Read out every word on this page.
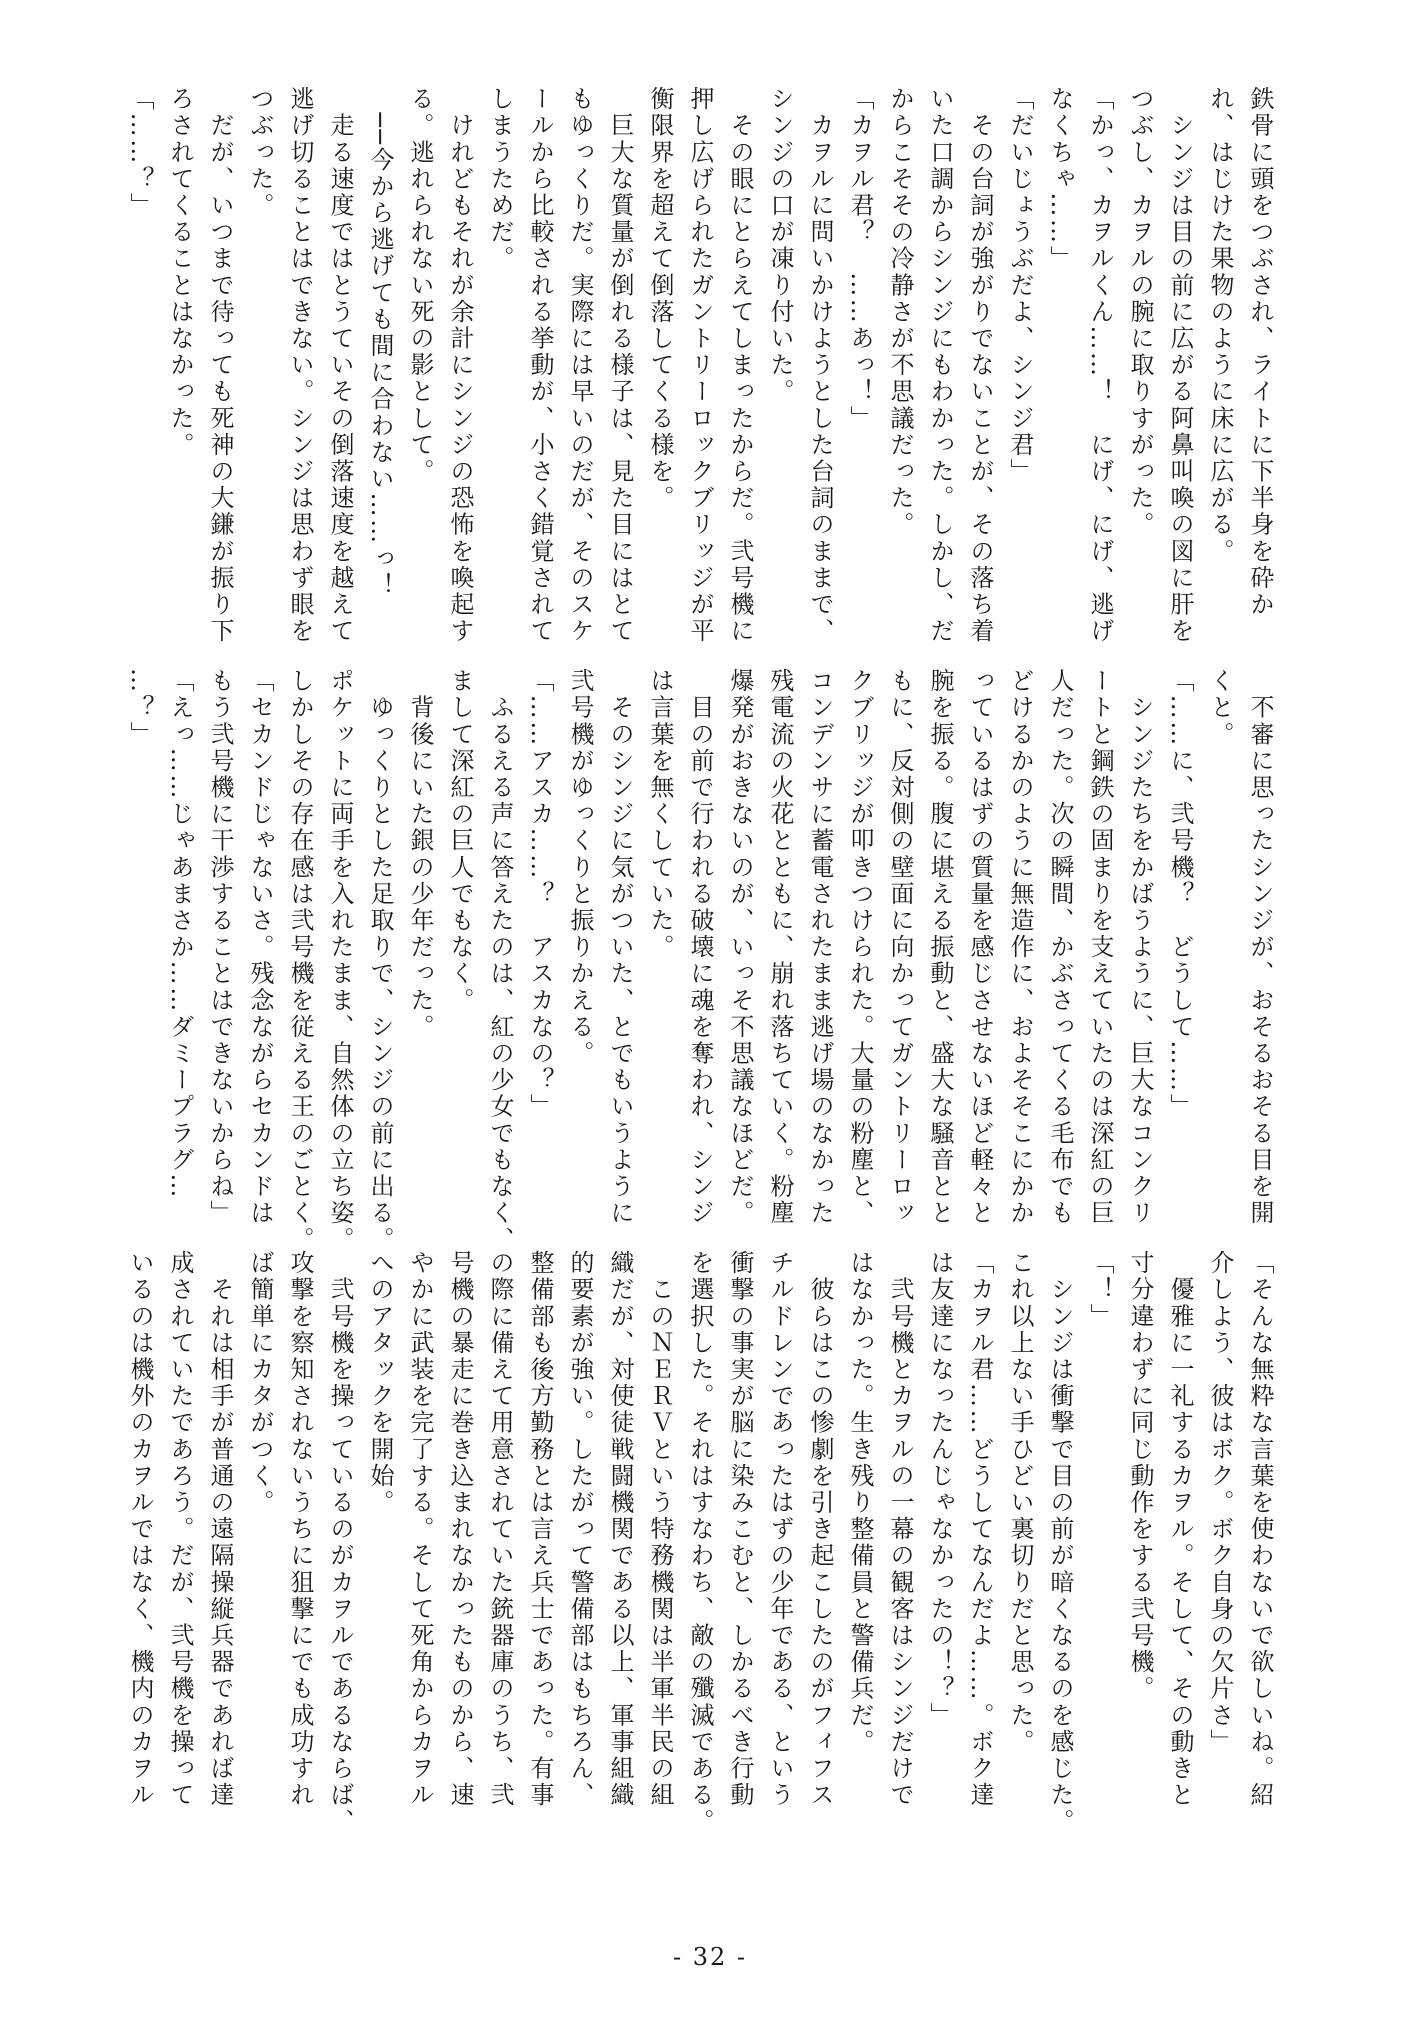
鉄骨に頭をつぶされ、ライトに下半身を砕か

れ、はじけた果物のように床に広がる。

　シンジは目の前に広がる阿鼻叫喚の図に肝を

つぶし、カヲルの腕に取りすがった。

「かっ、カヲルくん……！　にげ、にげ、逃げ

なくちゃ……」

「だいじょうぶだよ、シンジ君」

　その台詞が強がりでないことが、その落ち着

いた口調からシンジにもわかった。しかし、だ

からこそその冷静さが不思議だった。

「カヲル君？　……あっ！」

　カヲルに問いかけようとした台詞のままで、

シンジの口が凍り付いた。

　その眼にとらえてしまったからだ。弐号機に

押し広げられたガントリーロックブリッジが平

衡限界を超えて倒落してくる様を。

　巨大な質量が倒れる様子は、見た目にはとて

もゆっくりだ。実際には早いのだが、そのスケ

ールから比較される挙動が、小さく錯覚されて

しまうためだ。

　けれどもそれが余計にシンジの恐怖を喚起す

る。逃れられない死の影として。

　──今から逃げても間に合わない……っ！

　走る速度ではとうていその倒落速度を越えて

逃げ切ることはできない。シンジは思わず眼を

つぶった。

　だが、いつまで待っても死神の大鎌が振り下

ろされてくることはなかった。

「……？」

　不審に思ったシンジが、おそるおそる目を開

くと。

「……に、弐号機？　どうして……」

　シンジたちをかばうように、巨大なコンクリ

ートと鋼鉄の固まりを支えていたのは深紅の巨

人だった。次の瞬間、かぶさってくる毛布でも

どけるかのように無造作に、およそそこにかか

っているはずの質量を感じさせないほど軽々と

腕を振る。腹に堪える振動と、盛大な騒音とと

もに、反対側の壁面に向かってガントリーロッ

クブリッジが叩きつけられた。大量の粉塵と、

コンデンサに蓄電されたまま逃げ場のなかった

残電流の火花とともに、崩れ落ちていく。粉塵

爆発がおきないのが、いっそ不思議なほどだ。

　目の前で行われる破壊に魂を奪われ、シンジ

は言葉を無くしていた。

　そのシンジに気がついた、とでもいうように

弐号機がゆっくりと振りかえる。

「……アスカ……？　アスカなの？」

　ふるえる声に答えたのは、紅の少女でもなく、

まして深紅の巨人でもなく。

　背後にいた銀の少年だった。

　ゆっくりとした足取りで、シンジの前に出る。

ポケットに両手を入れたまま、自然体の立ち姿。

しかしその存在感は弐号機を従える王のごとく。

「セカンドじゃないさ。残念ながらセカンドは

もう弐号機に干渉することはできないからね」

「えっ……じゃあまさか……ダミープラグ…

…？」

「そんな無粋な言葉を使わないで欲しいね。紹

介しよう、彼はボク。ボク自身の欠片さ」

　優雅に一礼するカヲル。そして、その動きと

寸分違わずに同じ動作をする弐号機。

「！」

　シンジは衝撃で目の前が暗くなるのを感じた。

これ以上ない手ひどい裏切りだと思った。

「カヲル君……どうしてなんだよ……。ボク達

は友達になったんじゃなかったの！？」

　弐号機とカヲルの一幕の観客はシンジだけで

はなかった。生き残り整備員と警備兵だ。

　彼らはこの惨劇を引き起こしたのがフィフス

チルドレンであったはずの少年である、という

衝撃の事実が脳に染みこむと、しかるべき行動

を選択した。それはすなわち、敵の殲滅である。

　このＮＥＲＶという特務機関は半軍半民の組

織だが、対使徒戦闘機関である以上、軍事組織

的要素が強い。したがって警備部はもちろん、

整備部も後方勤務とは言え兵士であった。有事

の際に備えて用意されていた銃器庫のうち、弐

号機の暴走に巻き込まれなかったものから、速

やかに武装を完了する。そして死角からカヲル

へのアタックを開始。

　弐号機を操っているのがカヲルであるならば、

攻撃を察知されないうちに狙撃にでも成功すれ

ば簡単にカタがつく。

　それは相手が普通の遠隔操縦兵器であれば達

成されていたであろう。だが、弐号機を操って

いるのは機外のカヲルではなく、機内のカヲル

- 32 -
